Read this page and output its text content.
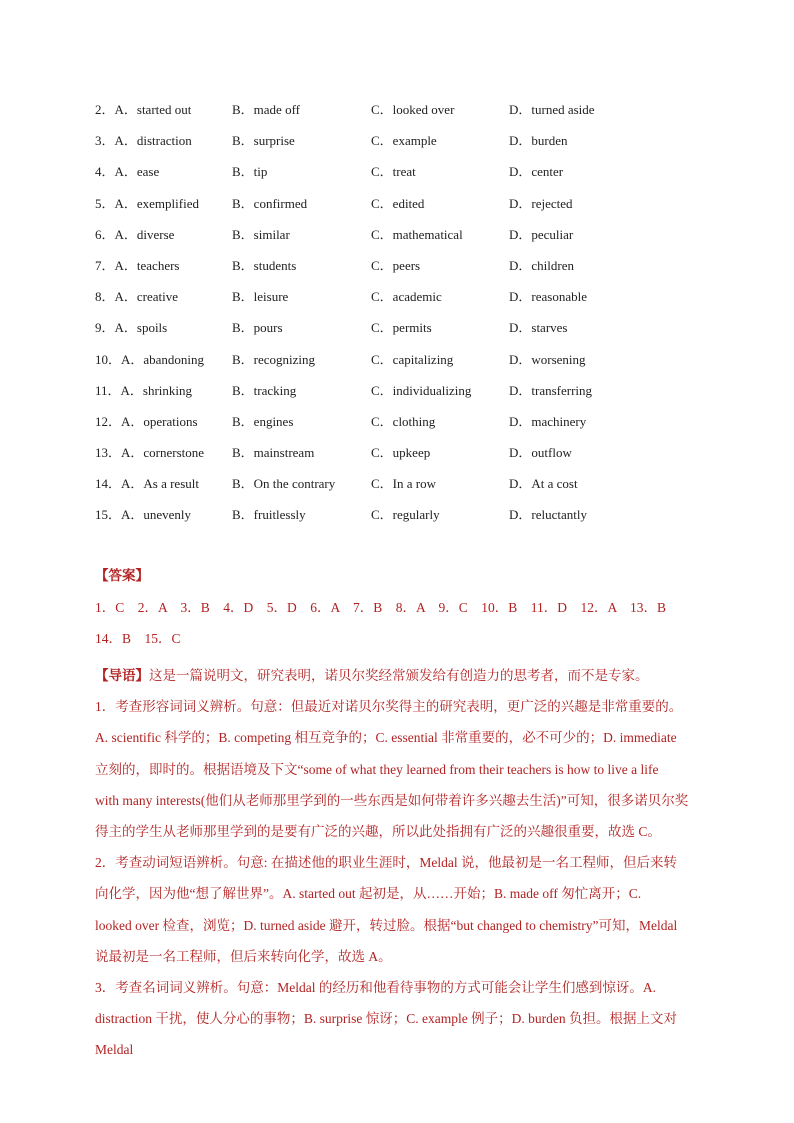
2．A．started out	B．made off	C．looked over	D．turned aside
3．A．distraction	B．surprise	C．example	D．burden
4．A．ease	B．tip	C．treat	D．center
5．A．exemplified	B．confirmed	C．edited	D．rejected
6．A．diverse	B．similar	C．mathematical	D．peculiar
7．A．teachers	B．students	C．peers	D．children
8．A．creative	B．leisure	C．academic	D．reasonable
9．A．spoils	B．pours	C．permits	D．starves
10．A．abandoning B．recognizing	C．capitalizing	D．worsening
11．A．shrinking	B．tracking	C．individualizing	D．transferring
12．A．operations	B．engines	C．clothing	D．machinery
13．A．cornerstone B．mainstream	C．upkeep	D．outflow
14．A．As a result	B．On the contrary	C．In a row	D．At a cost
15．A．unevenly	B．fruitlessly	C．regularly	D．reluctantly
【答案】
1．C　2．A　3．B　4．D　5．D　6．A　7．B　8．A　9．C　10．B　11．D　12．A　13．B
14．B　15．C

【导语】这是一篇说明文，研究表明，诺贝尔奖经常颁发给有创造力的思考者，而不是专家。

1．考查形容词词义辨析。句意：但最近对诺贝尔奖得主的研究表明，更广泛的兴趣是非常重要的。

A. scientific 科学的；B. competing 相互竞争的；C. essential 非常重要的，必不可少的；D. immediate

立刻的，即时的。根据语境及下文“some of what they learned from their teachers is how to live a life

with many interests(他们从老师那里学到的一些东西是如何带着许多兴趣去生活)”可知，很多诺贝尔奖

得主的学生从老师那里学到的是要有广泛的兴趣，所以此处指拥有广泛的兴趣很重要，故选 C。

2．考查动词短语辨析。句意: 在描述他的职业生涯时，Meldal 说，他最初是一名工程师，但后来转

向化学，因为他“想了解世界”。A. started out 起初是，从……开始；B. made off 匆忙离开；C.

looked over 检查，浏览；D. turned aside 避开，转过脸。根据“but changed to chemistry”可知，Meldal

说最初是一名工程师，但后来转向化学，故选 A。

3．考查名词词义辨析。句意：Meldal 的经历和他看待事物的方式可能会让学生们感到惊讶。A.

distraction 干扰，使人分心的事物；B. surprise 惊讶；C. example 例子；D. burden 负担。根据上文对 Meldal
